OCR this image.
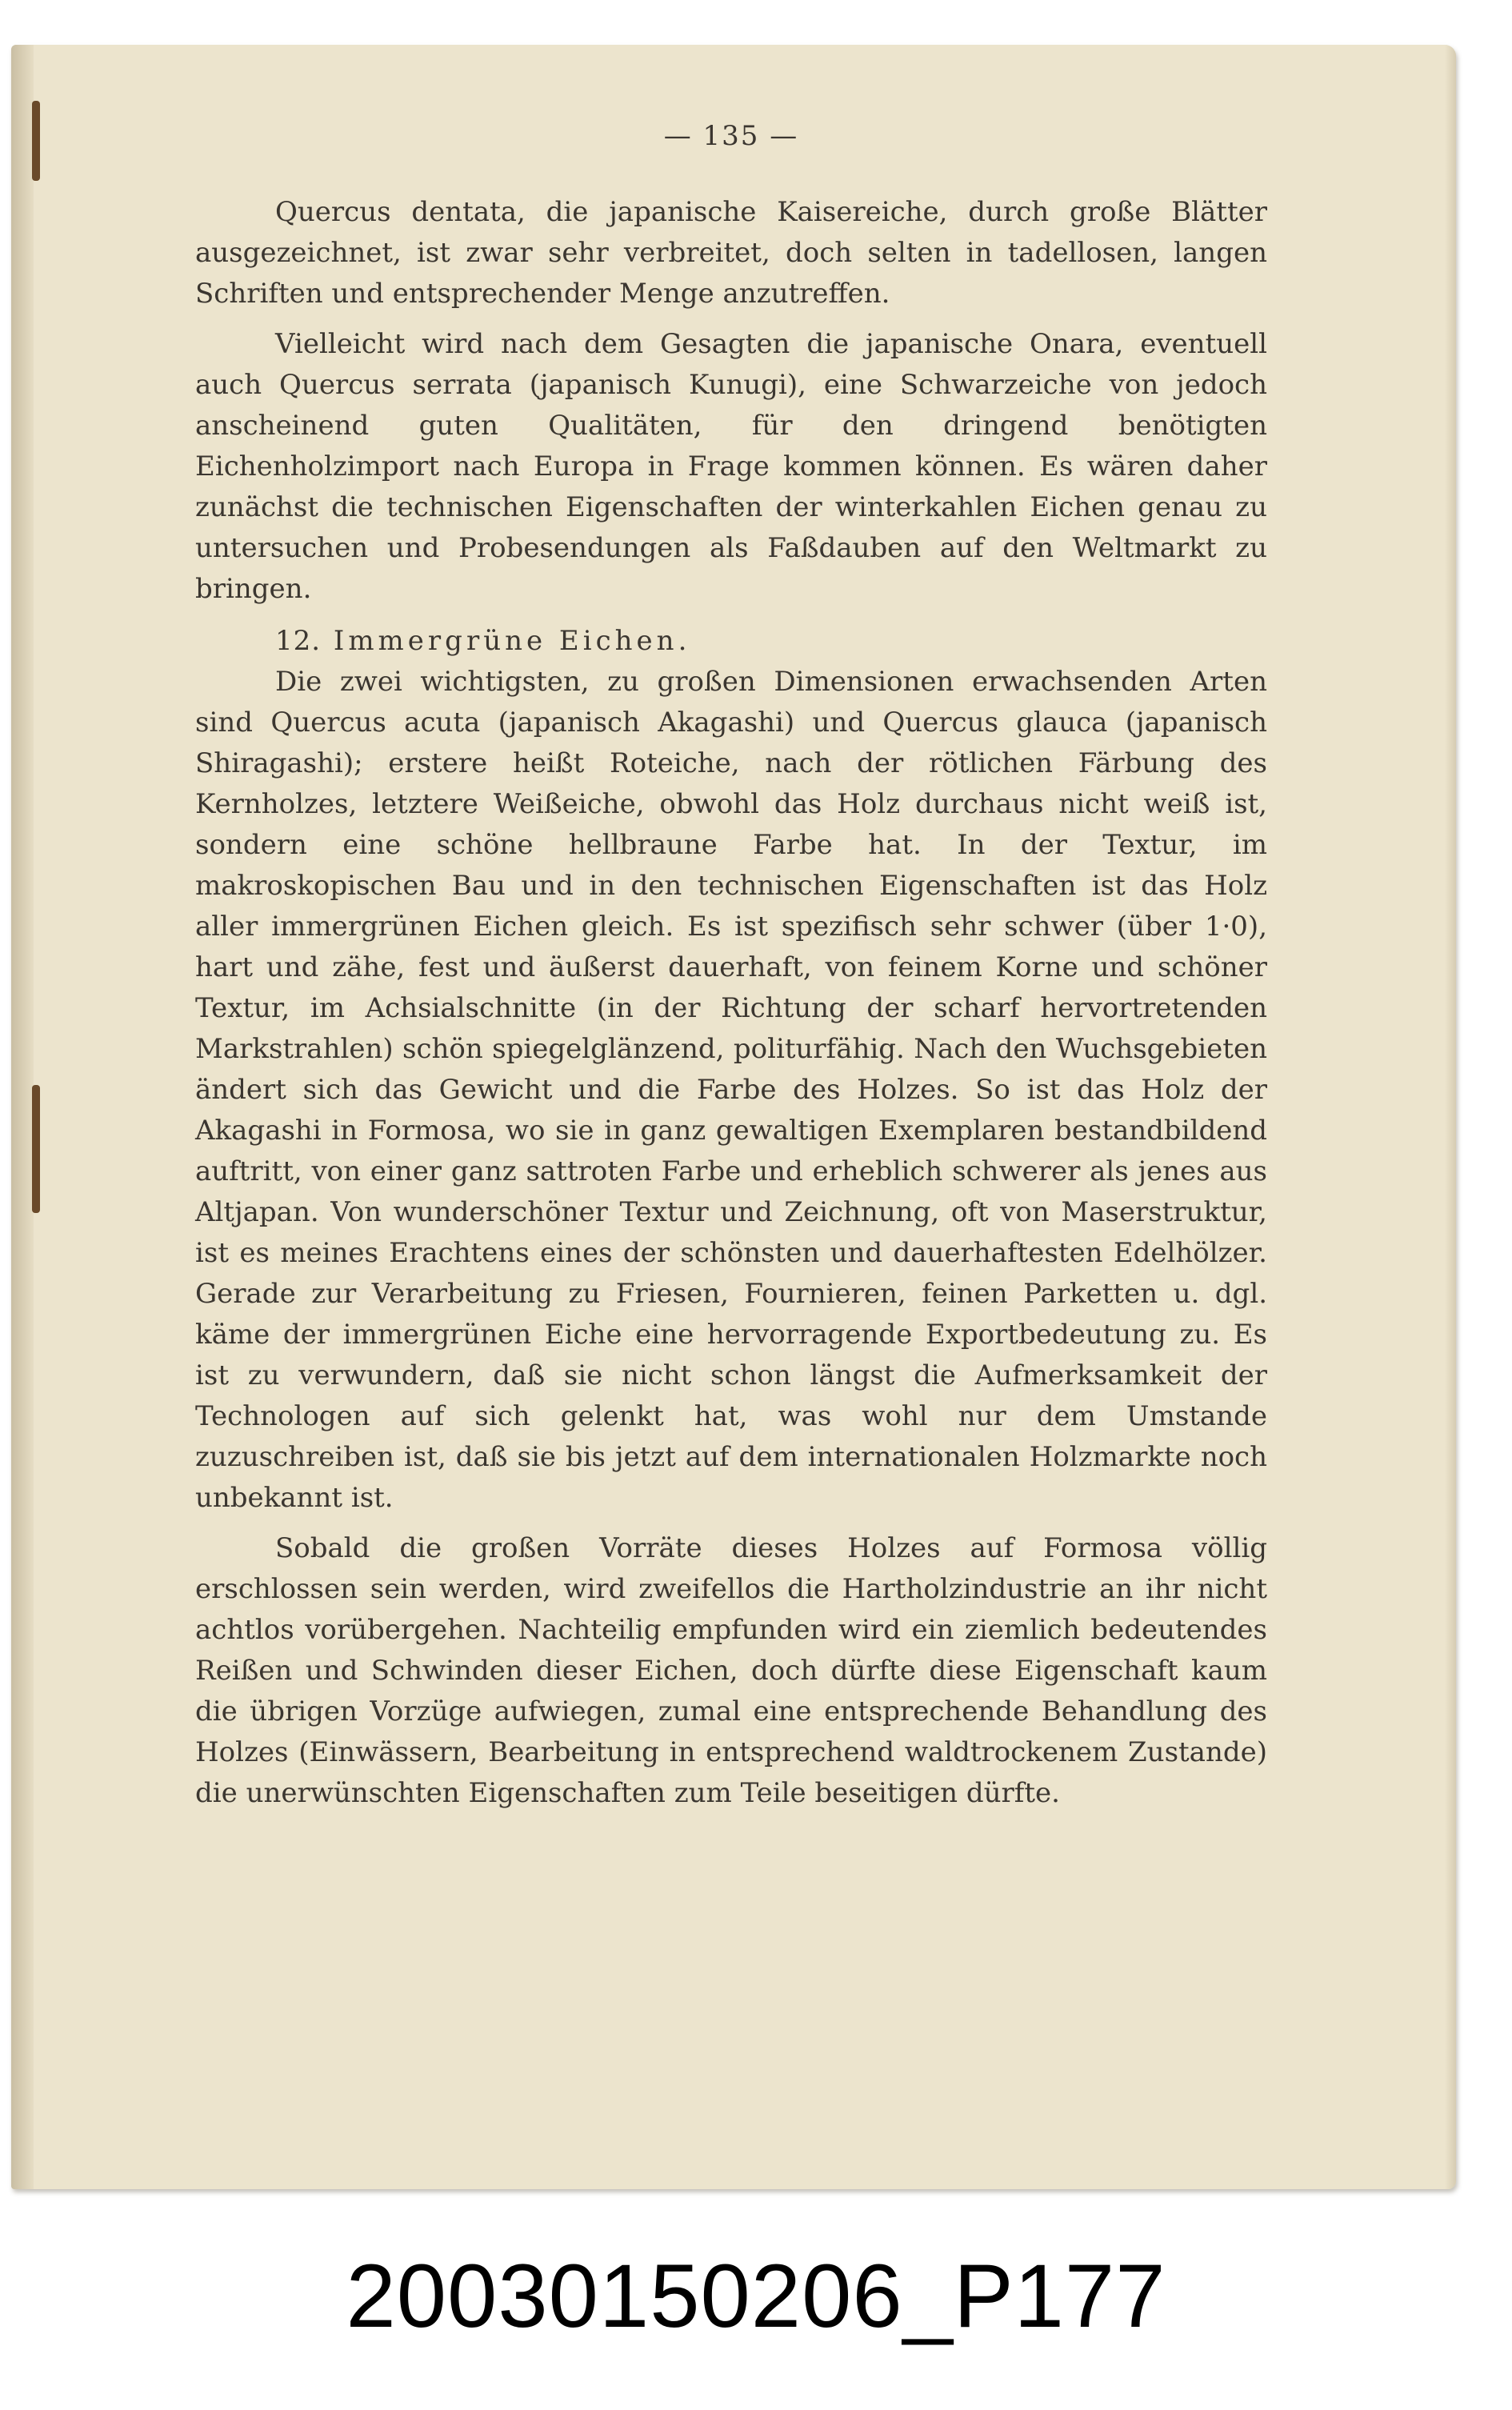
— 135 —

Quercus dentata, die japanische Kaisereiche, durch große Blätter ausgezeichnet, ist zwar sehr verbreitet, doch selten in tadellosen, langen Schriften und entsprechender Menge anzutreffen.

Vielleicht wird nach dem Gesagten die japanische Onara, eventuell auch Quercus serrata (japanisch Kunugi), eine Schwarzeiche von jedoch anscheinend guten Qualitäten, für den dringend benötigten Eichenholzimport nach Europa in Frage kommen können. Es wären daher zunächst die technischen Eigenschaften der winterkahlen Eichen genau zu untersuchen und Probesendungen als Faßdauben auf den Weltmarkt zu bringen.

12. Immergrüne Eichen.

Die zwei wichtigsten, zu großen Dimensionen erwachsenden Arten sind Quercus acuta (japanisch Akagashi) und Quercus glauca (japanisch Shiragashi); erstere heißt Roteiche, nach der rötlichen Färbung des Kernholzes, letztere Weißeiche, obwohl das Holz durchaus nicht weiß ist, sondern eine schöne hellbraune Farbe hat. In der Textur, im makroskopischen Bau und in den technischen Eigenschaften ist das Holz aller immergrünen Eichen gleich. Es ist spezifisch sehr schwer (über 1·0), hart und zähe, fest und äußerst dauerhaft, von feinem Korne und schöner Textur, im Achsialschnitte (in der Richtung der scharf hervortretenden Markstrahlen) schön spiegelglänzend, politurfähig. Nach den Wuchsgebieten ändert sich das Gewicht und die Farbe des Holzes. So ist das Holz der Akagashi in Formosa, wo sie in ganz gewaltigen Exemplaren bestandbildend auftritt, von einer ganz sattroten Farbe und erheblich schwerer als jenes aus Altjapan. Von wunderschöner Textur und Zeichnung, oft von Maserstruktur, ist es meines Erachtens eines der schönsten und dauerhaftesten Edelhölzer. Gerade zur Verarbeitung zu Friesen, Fournieren, feinen Parketten u. dgl. käme der immergrünen Eiche eine hervorragende Exportbedeutung zu. Es ist zu verwundern, daß sie nicht schon längst die Aufmerksamkeit der Technologen auf sich gelenkt hat, was wohl nur dem Umstande zuzuschreiben ist, daß sie bis jetzt auf dem internationalen Holzmarkte noch unbekannt ist.

Sobald die großen Vorräte dieses Holzes auf Formosa völlig erschlossen sein werden, wird zweifellos die Hartholzindustrie an ihr nicht achtlos vorübergehen. Nachteilig empfunden wird ein ziemlich bedeutendes Reißen und Schwinden dieser Eichen, doch dürfte diese Eigenschaft kaum die übrigen Vorzüge aufwiegen, zumal eine entsprechende Behandlung des Holzes (Einwässern, Bearbeitung in entsprechend waldtrockenem Zustande) die unerwünschten Eigenschaften zum Teile beseitigen dürfte.

20030150206_P177
